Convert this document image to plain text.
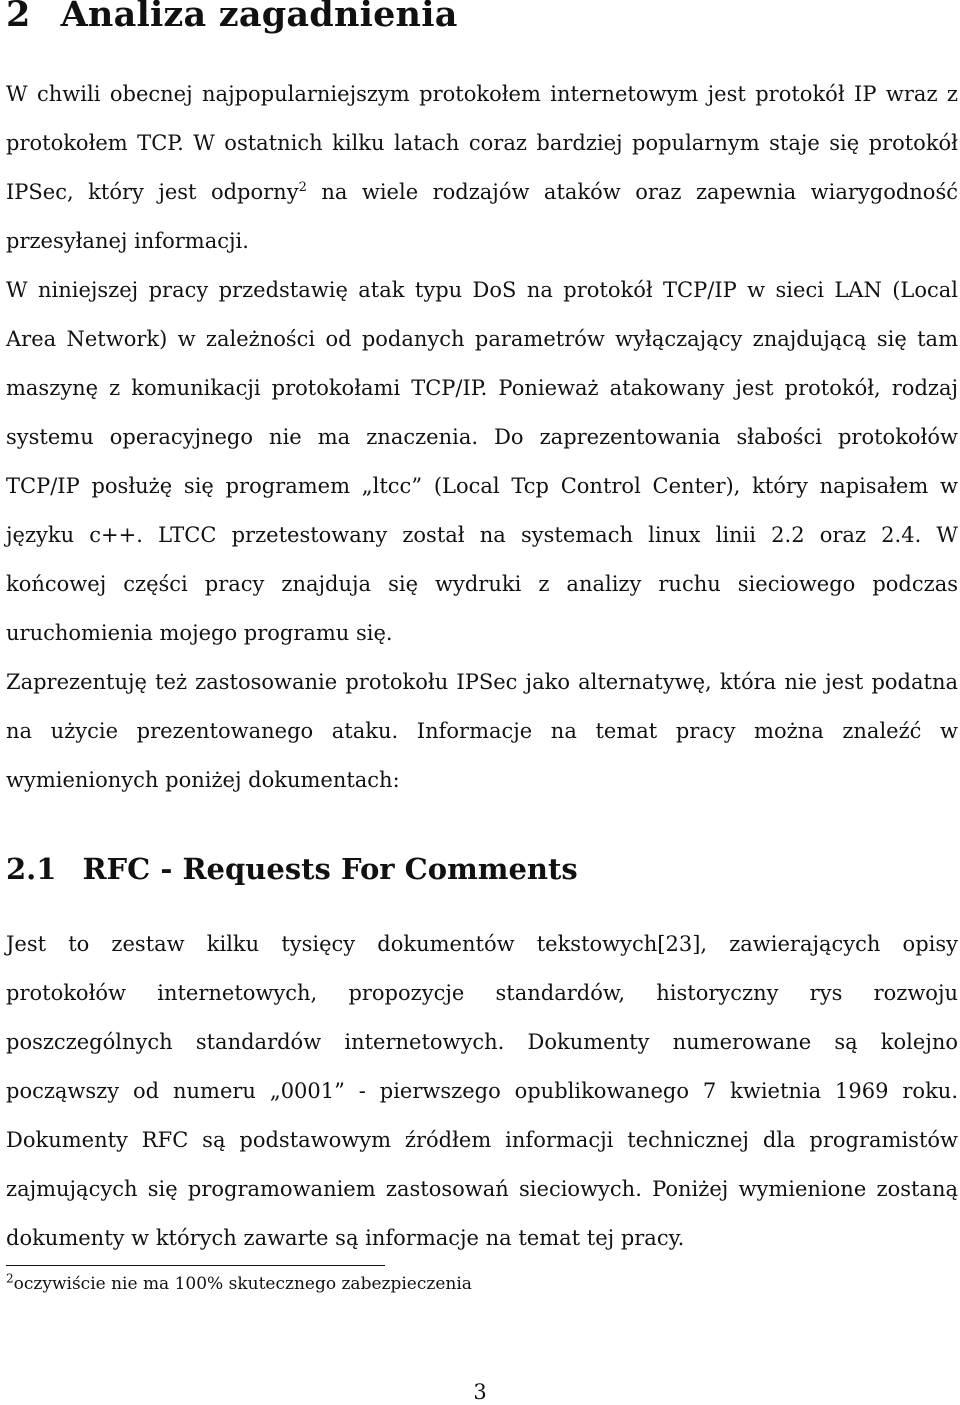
2 Analiza zagadnienia

W chwili obecnej najpopularniejszym protokołem internetowym jest protokół IP wraz z protokołem TCP. W ostatnich kilku latach coraz bardziej popularnym staje się protokół IPSec, który jest odporny$^2$ na wiele rodzajów ataków oraz zapewnia wiarygodność przesyłanej informacji.

W niniejszej pracy przedstawię atak typu DoS na protokół TCP/IP w sieci LAN (Local Area Network) w zależności od podanych parametrów wyłączający znajdującą się tam maszynę z komunikacji protokołami TCP/IP. Ponieważ atakowany jest protokół, rodzaj systemu operacyjnego nie ma znaczenia. Do zaprezentowania słabości protokołów TCP/IP posłużę się programem „ltcc” (Local Tcp Control Center), który napisałem w języku c++. LTCC przetestowany został na systemach linux linii 2.2 oraz 2.4. W końcowej części pracy znajduja się wydruki z analizy ruchu sieciowego podczas uruchomienia mojego programu się.

Zaprezentuję też zastosowanie protokołu IPSec jako alternatywę, która nie jest podatna na użycie prezentowanego ataku. Informacje na temat pracy można znaleźć w wymienionych poniżej dokumentach:

2.1 RFC - Requests For Comments

Jest to zestaw kilku tysięcy dokumentów tekstowych[23], zawierających opisy protokołów internetowych, propozycje standardów, historyczny rys rozwoju poszczególnych standardów internetowych. Dokumenty numerowane są kolejno począwszy od numeru „0001” - pierwszego opublikowanego 7 kwietnia 1969 roku. Dokumenty RFC są podstawowym źródłem informacji technicznej dla programistów zajmujących się programowaniem zastosowań sieciowych. Poniżej wymienione zostaną dokumenty w których zawarte są informacje na temat tej pracy.

$^2$oczywiście nie ma 100% skutecznego zabezpieczenia
3
